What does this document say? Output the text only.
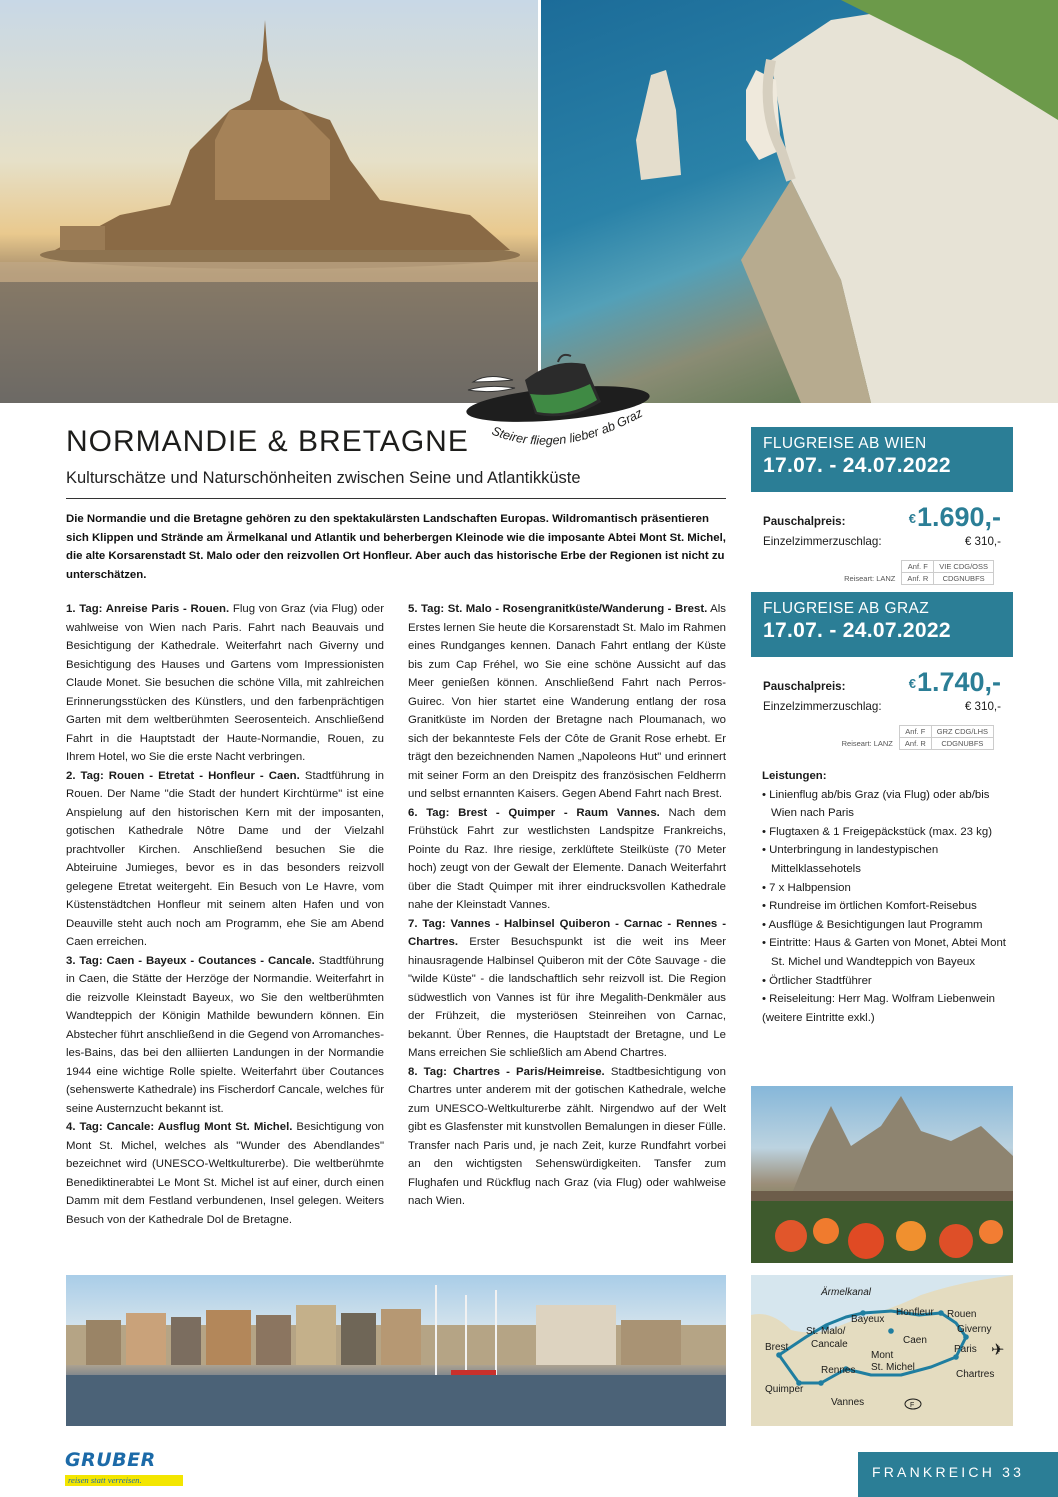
Steirer fliegen lieber ab Graz
NORMANDIE & BRETAGNE
Kulturschätze und Naturschönheiten zwischen Seine und Atlantikküste

Die Normandie und die Bretagne gehören zu den spektakulärsten Landschaften Europas. Wildromantisch präsentieren sich Klippen und Strände am Ärmelkanal und Atlantik und beherbergen Kleinode wie die imposante Abtei Mont St. Michel, die alte Korsarenstadt St. Malo oder den reizvollen Ort Honfleur. Aber auch das historische Erbe der Regionen ist nicht zu unterschätzen.

1. Tag: Anreise Paris - Rouen. Flug von Graz (via Flug) oder wahlweise von Wien nach Paris. Fahrt nach Beauvais und Besichtigung der Kathedrale. Weiterfahrt nach Giverny und Besichtigung des Hauses und Gartens vom Impressionisten Claude Monet. Sie besuchen die schöne Villa, mit zahlreichen Erinnerungsstücken des Künstlers, und den farbenprächtigen Garten mit dem weltberühmten Seerosenteich. Anschließend Fahrt in die Hauptstadt der Haute-Normandie, Rouen, zu Ihrem Hotel, wo Sie die erste Nacht verbringen.

2. Tag: Rouen - Etretat - Honfleur - Caen. Stadtführung in Rouen. Der Name "die Stadt der hundert Kirchtürme" ist eine Anspielung auf den historischen Kern mit der imposanten, gotischen Kathedrale Nôtre Dame und der Vielzahl prachtvoller Kirchen. Anschließend besuchen Sie die Abteiruine Jumieges, bevor es in das besonders reizvoll gelegene Etretat weitergeht. Ein Besuch von Le Havre, vom Küstenstädtchen Honfleur mit seinem alten Hafen und von Deauville steht auch noch am Programm, ehe Sie am Abend Caen erreichen.

3. Tag: Caen - Bayeux - Coutances - Cancale. Stadtführung in Caen, die Stätte der Herzöge der Normandie. Weiterfahrt in die reizvolle Kleinstadt Bayeux, wo Sie den weltberühmten Wandteppich der Königin Mathilde bewundern können. Ein Abstecher führt anschließend in die Gegend von Arromanches-les-Bains, das bei den alliierten Landungen in der Normandie 1944 eine wichtige Rolle spielte. Weiterfahrt über Coutances (sehenswerte Kathedrale) ins Fischerdorf Cancale, welches für seine Austernzucht bekannt ist.

4. Tag: Cancale: Ausflug Mont St. Michel. Besichtigung von Mont St. Michel, welches als "Wunder des Abendlandes" bezeichnet wird (UNESCO-Weltkulturerbe). Die weltberühmte Benediktinerabtei Le Mont St. Michel ist auf einer, durch einen Damm mit dem Festland verbundenen, Insel gelegen. Weiters Besuch von der Kathedrale Dol de Bretagne.

5. Tag: St. Malo - Rosengranitküste/Wanderung - Brest. Als Erstes lernen Sie heute die Korsarenstadt St. Malo im Rahmen eines Rundganges kennen. Danach Fahrt entlang der Küste bis zum Cap Fréhel, wo Sie eine schöne Aussicht auf das Meer genießen können. Anschließend Fahrt nach Perros-Guirec. Von hier startet eine Wanderung entlang der rosa Granitküste im Norden der Bretagne nach Ploumanach, wo sich der bekannteste Fels der Côte de Granit Rose erhebt. Er trägt den bezeichnenden Namen „Napoleons Hut" und erinnert mit seiner Form an den Dreispitz des französischen Feldherrn und selbst ernannten Kaisers. Gegen Abend Fahrt nach Brest.

6. Tag: Brest - Quimper - Raum Vannes. Nach dem Frühstück Fahrt zur westlichsten Landspitze Frankreichs, Pointe du Raz. Ihre riesige, zerklüftete Steilküste (70 Meter hoch) zeugt von der Gewalt der Elemente. Danach Weiterfahrt über die Stadt Quimper mit ihrer eindrucksvollen Kathedrale nahe der Kleinstadt Vannes.

7. Tag: Vannes - Halbinsel Quiberon - Carnac - Rennes - Chartres. Erster Besuchspunkt ist die weit ins Meer hinausragende Halbinsel Quiberon mit der Côte Sauvage - die "wilde Küste" - die landschaftlich sehr reizvoll ist. Die Region südwestlich von Vannes ist für ihre Megalith-Denkmäler aus der Frühzeit, die mysteriösen Steinreihen von Carnac, bekannt. Über Rennes, die Hauptstadt der Bretagne, und Le Mans erreichen Sie schließlich am Abend Chartres.

8. Tag: Chartres - Paris/Heimreise. Stadtbesichtigung von Chartres unter anderem mit der gotischen Kathedrale, welche zum UNESCO-Weltkulturerbe zählt. Nirgendwo auf der Welt gibt es Glasfenster mit kunstvollen Bemalungen in dieser Fülle. Transfer nach Paris und, je nach Zeit, kurze Rundfahrt vorbei an den wichtigsten Sehenswürdigkeiten. Tansfer zum Flughafen und Rückflug nach Graz (via Flug) oder wahlweise nach Wien.

FLUGREISE AB WIEN
17.07. - 24.07.2022
Pauschalpreis:	€1.690,-
Einzelzimmerzuschlag:	€ 310,-
	Anf. F	VIE CDG/OSS
Reiseart: LANZ	Anf. R	CDGNUBFS
FLUGREISE AB GRAZ
17.07. - 24.07.2022
Pauschalpreis:	€1.740,-
Einzelzimmerzuschlag:	€ 310,-
	Anf. F	GRZ CDG/LHS
Reiseart: LANZ	Anf. R	CDGNUBFS
Leistungen:
• Linienflug ab/bis Graz (via Flug) oder ab/bis Wien nach Paris
• Flugtaxen & 1 Freigepäckstück (max. 23 kg)
• Unterbringung in landestypischen Mittelklassehotels
• 7 x Halbpension
• Rundreise im örtlichen Komfort-Reisebus
• Ausflüge & Besichtigungen laut Programm
• Eintritte: Haus & Garten von Monet, Abtei Mont St. Michel und Wandteppich von Bayeux
• Örtlicher Stadtführer
• Reiseleitung: Herr Mag. Wolfram Liebenwein
(weitere Eintritte exkl.)
✈
Ärmelkanal
Bayeux
Honfleur Rouen
St. Malo/
Cancale	Caen
Giverny
Brest
Mont
St. Michel
Paris
Rennes	Chartres
Quimper
Vannes	F
GRUBER
reisen statt verreisen.	FRANKREICH 33
